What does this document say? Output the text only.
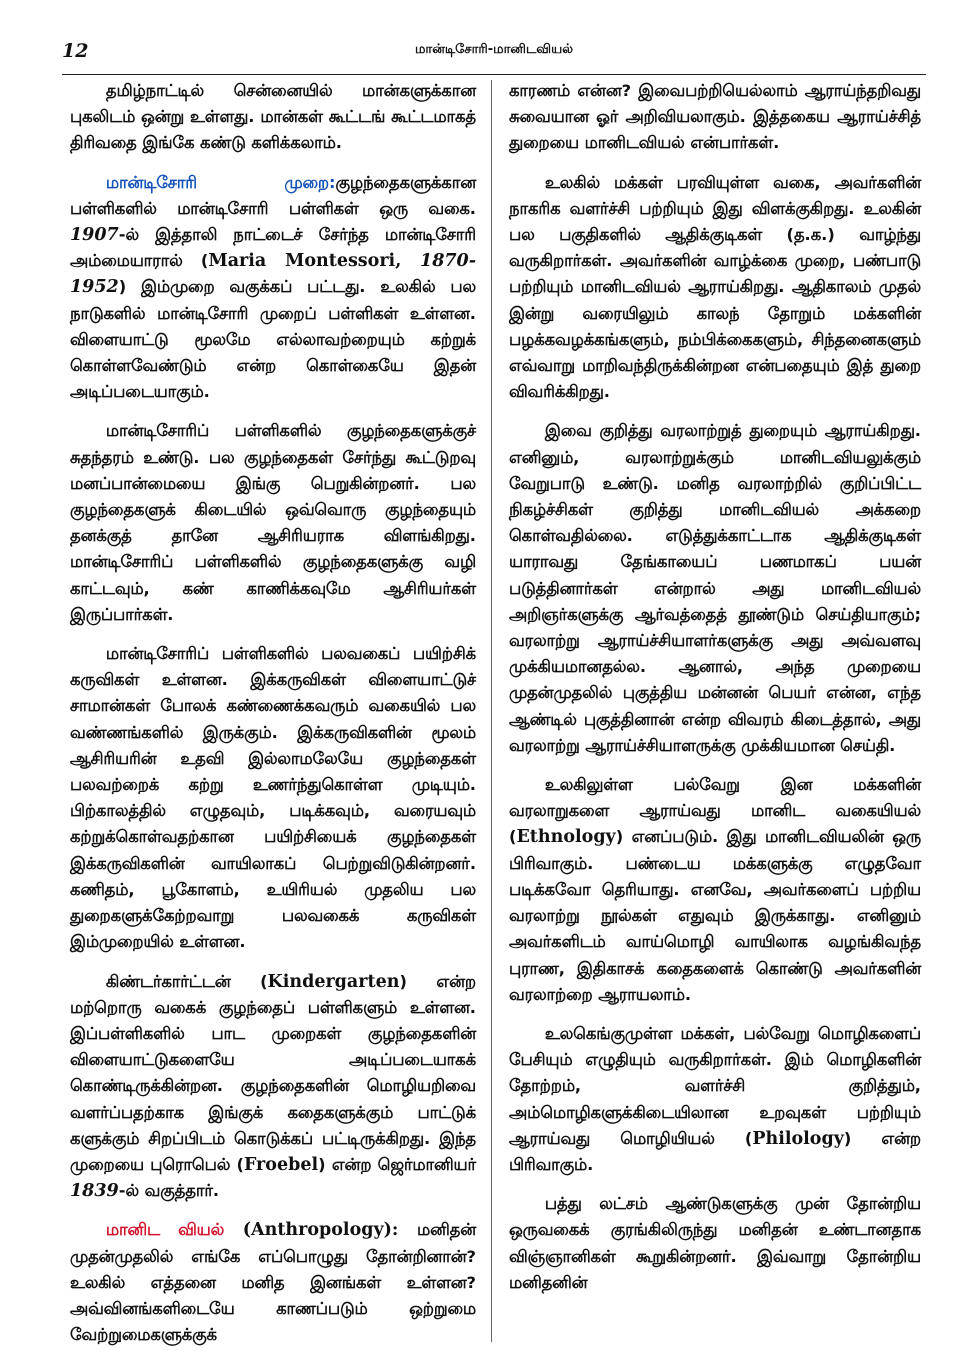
12	மான்டிசோரி-மானிடவியல்

தமிழ்நாட்டில் சென்னையில் மான்களுக்கான புகலிடம் ஒன்று உள்ளது. மான்கள் கூட்டங் கூட்டமாகத் திரிவதை இங்கே கண்டு களிக்கலாம்.

மான்டிசோரி முறை:குழந்தைகளுக்கான பள்ளிகளில் மான்டிசோரி பள்ளிகள் ஒரு வகை. 1907-ல் இத்தாலி நாட்டைச் சேர்ந்த மான்டிசோரி அம்மையாரால் (Maria Montessori, 1870-1952) இம்முறை வகுக்கப் பட்டது. உலகில் பல நாடுகளில் மான்டிசோரி முறைப் பள்ளிகள் உள்ளன. விளையாட்டு மூலமே எல்லாவற்றையும் கற்றுக் கொள்ளவேண்டும் என்ற கொள்கையே இதன் அடிப்படையாகும்.

மான்டிசோரிப் பள்ளிகளில் குழந்தைகளுக்குச் சுதந்தரம் உண்டு. பல குழந்தைகள் சேர்ந்து கூட்டுறவு மனப்பான்மையை இங்கு பெறுகின்றனர். பல குழந்தைகளுக் கிடையில் ஒவ்வொரு குழந்தையும் தனக்குத் தானே ஆசிரியராக விளங்கிறது. மான்டிசோரிப் பள்ளிகளில் குழந்தைகளுக்கு வழி காட்டவும், கண் காணிக்கவுமே ஆசிரியர்கள் இருப்பார்கள்.

மான்டிசோரிப் பள்ளிகளில் பலவகைப் பயிற்சிக் கருவிகள் உள்ளன. இக்கருவிகள் விளையாட்டுச் சாமான்கள் போலக் கண்ணைக்கவரும் வகையில் பல வண்ணங்களில் இருக்கும். இக்கருவிகளின் மூலம் ஆசிரியரின் உதவி இல்லாமலேயே குழந்தைகள் பலவற்றைக் கற்று உணர்ந்துகொள்ள முடியும். பிற்காலத்தில் எழுதவும், படிக்கவும், வரையவும் கற்றுக்கொள்வதற்கான பயிற்சியைக் குழந்தைகள் இக்கருவிகளின் வாயிலாகப் பெற்றுவிடுகின்றனர். கணிதம், பூகோளம், உயிரியல் முதலிய பல துறைகளுக்கேற்றவாறு பலவகைக் கருவிகள் இம்முறையில் உள்ளன.

கிண்டர்கார்ட்டன் (Kindergarten) என்ற மற்றொரு வகைக் குழந்தைப் பள்ளிகளும் உள்ளன. இப்பள்ளிகளில் பாட முறைகள் குழந்தைகளின் விளையாட்டுகளையே அடிப்படையாகக் கொண்டிருக்கின்றன. குழந்தைகளின் மொழியறிவை வளர்ப்பதற்காக இங்குக் கதைகளுக்கும் பாட்டுக் களுக்கும் சிறப்பிடம் கொடுக்கப் பட்டிருக்கிறது. இந்த முறையை புரொபெல் (Froebel) என்ற ஜெர்மானியர் 1839-ல் வகுத்தார்.

மானிட வியல் (Anthropology): மனிதன் முதன்முதலில் எங்கே எப்பொழுது தோன்றினான்? உலகில் எத்தனை மனித இனங்கள் உள்ளன? அவ்வினங்களிடையே காணப்படும் ஒற்றுமை வேற்றுமைகளுக்குக்

காரணம் என்ன? இவைபற்றியெல்லாம் ஆராய்ந்தறிவது சுவையான ஓர் அறிவியலாகும். இத்தகைய ஆராய்ச்சித் துறையை மானிடவியல் என்பார்கள்.

உலகில் மக்கள் பரவியுள்ள வகை, அவர்களின் நாகரிக வளர்ச்சி பற்றியும் இது விளக்குகிறது. உலகின் பல பகுதிகளில் ஆதிக்குடிகள் (த.க.) வாழ்ந்து வருகிறார்கள். அவர்களின் வாழ்க்கை முறை, பண்பாடு பற்றியும் மானிடவியல் ஆராய்கிறது. ஆதிகாலம் முதல் இன்று வரையிலும் காலந் தோறும் மக்களின் பழக்கவழக்கங்களும், நம்பிக்கைகளும், சிந்தனைகளும் எவ்வாறு மாறிவந்திருக்கின்றன என்பதையும் இத் துறை விவரிக்கிறது.

இவை குறித்து வரலாற்றுத் துறையும் ஆராய்கிறது. எனினும், வரலாற்றுக்கும் மானிடவியலுக்கும் வேறுபாடு உண்டு. மனித வரலாற்றில் குறிப்பிட்ட நிகழ்ச்சிகள் குறித்து மானிடவியல் அக்கறை கொள்வதில்லை. எடுத்துக்காட்டாக ஆதிக்குடிகள் யாராவது தேங்காயைப் பணமாகப் பயன் படுத்தினார்கள் என்றால் அது மானிடவியல் அறிஞர்களுக்கு ஆர்வத்தைத் தூண்டும் செய்தியாகும்; வரலாற்று ஆராய்ச்சியாளர்களுக்கு அது அவ்வளவு முக்கியமானதல்ல. ஆனால், அந்த முறையை முதன்முதலில் புகுத்திய மன்னன் பெயர் என்ன, எந்த ஆண்டில் புகுத்தினான் என்ற விவரம் கிடைத்தால், அது வரலாற்று ஆராய்ச்சியாளருக்கு முக்கியமான செய்தி.

உலகிலுள்ள பல்வேறு இன மக்களின் வரலாறுகளை ஆராய்வது மானிட வகையியல் (Ethnology) எனப்படும். இது மானிடவியலின் ஒரு பிரிவாகும். பண்டைய மக்களுக்கு எழுதவோ படிக்கவோ தெரியாது. எனவே, அவர்களைப் பற்றிய வரலாற்று நூல்கள் எதுவும் இருக்காது. எனினும் அவர்களிடம் வாய்மொழி வாயிலாக வழங்கிவந்த புராண, இதிகாசக் கதைகளைக் கொண்டு அவர்களின் வரலாற்றை ஆராயலாம்.

உலகெங்குமுள்ள மக்கள், பல்வேறு மொழிகளைப் பேசியும் எழுதியும் வருகிறார்கள். இம் மொழிகளின் தோற்றம், வளர்ச்சி குறித்தும், அம்மொழிகளுக்கிடையிலான உறவுகள் பற்றியும் ஆராய்வது மொழியியல் (Philology) என்ற பிரிவாகும்.

பத்து லட்சம் ஆண்டுகளுக்கு முன் தோன்றிய ஒருவகைக் குரங்கிலிருந்து மனிதன் உண்டானதாக விஞ்ஞானிகள் கூறுகின்றனர். இவ்வாறு தோன்றிய மனிதனின்
